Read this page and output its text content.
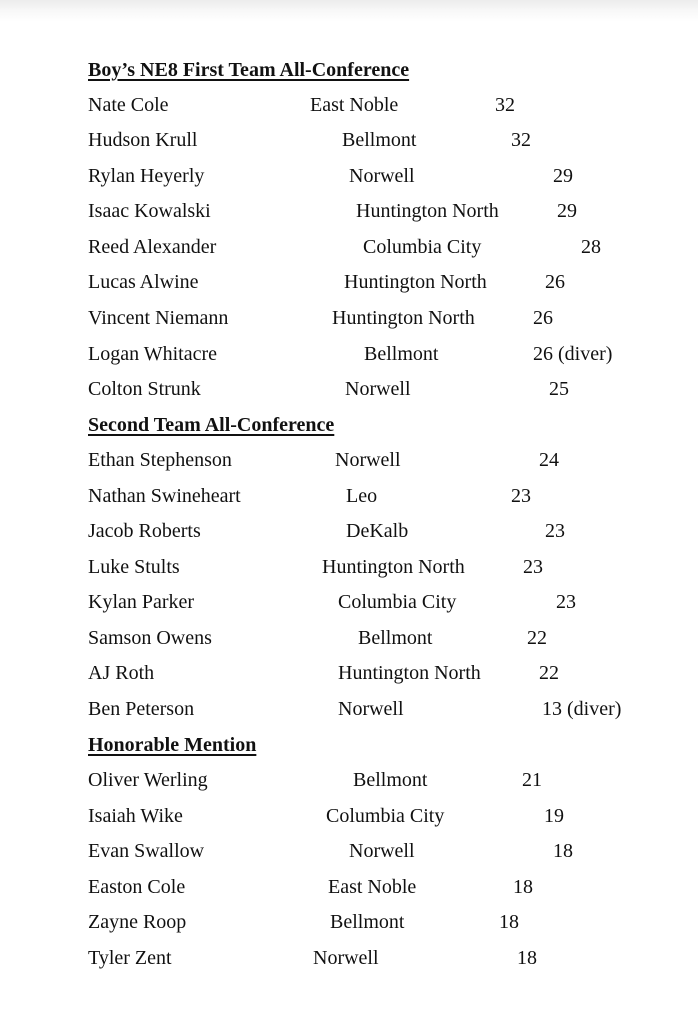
Boy’s NE8 First Team All-Conference
Nate Cole	East Noble	32
Hudson Krull	Bellmont	32
Rylan Heyerly	Norwell	29
Isaac Kowalski	Huntington North	29
Reed Alexander	Columbia City	28
Lucas Alwine	Huntington North	26
Vincent Niemann	Huntington North	26
Logan Whitacre	Bellmont	26 (diver)
Colton Strunk	Norwell	25
Second Team All-Conference
Ethan Stephenson	Norwell	24
Nathan Swineheart	Leo	23
Jacob Roberts	DeKalb	23
Luke Stults	Huntington North	23
Kylan Parker	Columbia City	23
Samson Owens	Bellmont	22
AJ Roth	Huntington North	22
Ben Peterson	Norwell	13 (diver)
Honorable Mention
Oliver Werling	Bellmont	21
Isaiah Wike	Columbia City	19
Evan Swallow	Norwell	18
Easton Cole	East Noble	18
Zayne Roop	Bellmont	18
Tyler Zent	Norwell	18
